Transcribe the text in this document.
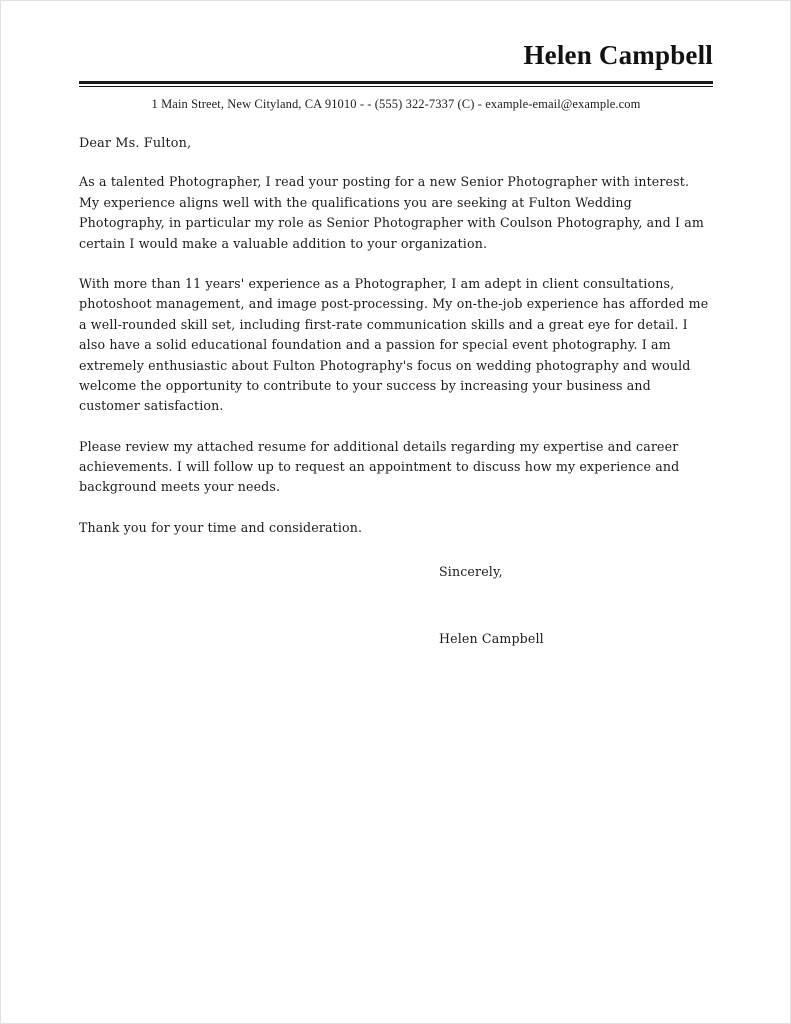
Helen Campbell
1 Main Street, New Cityland, CA 91010 - - (555) 322-7337 (C) - example-email@example.com
Dear Ms. Fulton,

As a talented Photographer, I read your posting for a new Senior Photographer with interest. My experience aligns well with the qualifications you are seeking at Fulton Wedding Photography, in particular my role as Senior Photographer with Coulson Photography, and I am certain I would make a valuable addition to your organization.

With more than 11 years' experience as a Photographer, I am adept in client consultations, photoshoot management, and image post-processing. My on-the-job experience has afforded me a well-rounded skill set, including first-rate communication skills and a great eye for detail. I also have a solid educational foundation and a passion for special event photography. I am extremely enthusiastic about Fulton Photography's focus on wedding photography and would welcome the opportunity to contribute to your success by increasing your business and customer satisfaction.

Please review my attached resume for additional details regarding my expertise and career achievements. I will follow up to request an appointment to discuss how my experience and background meets your needs.

Thank you for your time and consideration.

Sincerely,
Helen Campbell
